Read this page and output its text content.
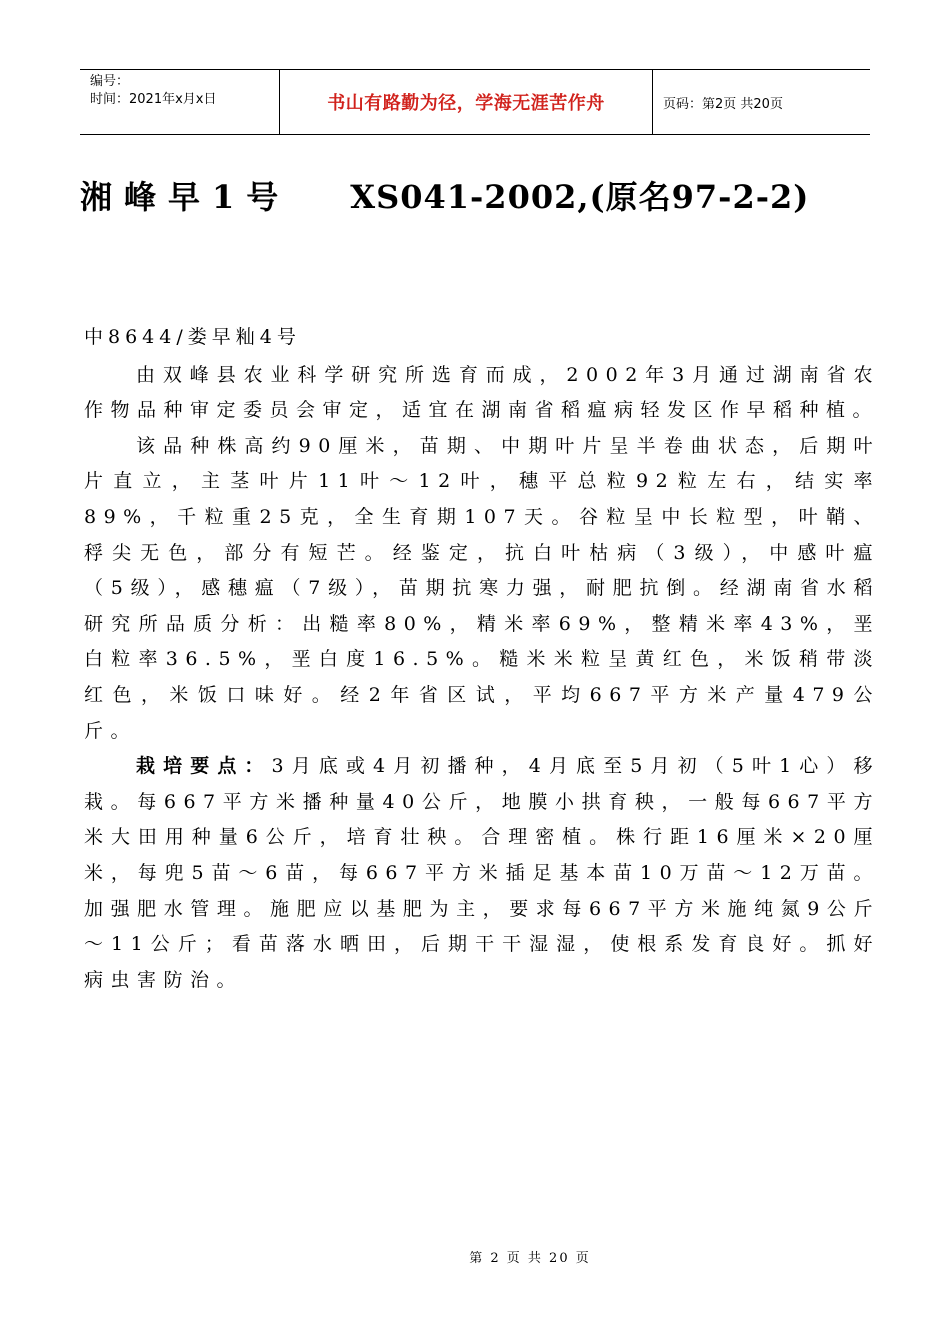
编号：
时间：2021年x月x日	书山有路勤为径，学海无涯苦作舟	页码：第2页 共20页
湘峰早1号 XS041-2002,(原名97-2-2)

中8644/娄早籼4号

由双峰县农业科学研究所选育而成，2002年3月通过湖南省农作物品种审定委员会审定，适宜在湖南省稻瘟病轻发区作早稻种植。

该品种株高约90厘米，苗期、中期叶片呈半卷曲状态，后期叶片直立，主茎叶片11叶～12叶，穗平总粒92粒左右，结实率89%，千粒重25克，全生育期107天。谷粒呈中长粒型，叶鞘、稃尖无色，部分有短芒。经鉴定，抗白叶枯病（3级），中感叶瘟（5级），感穗瘟（7级），苗期抗寒力强，耐肥抗倒。经湖南省水稻研究所品质分析：出糙率80%，精米率69%，整精米率43%，垩白粒率36.5%，垩白度16.5%。糙米米粒呈黄红色，米饭稍带淡红色，米饭口味好。经2年省区试，平均667平方米产量479公斤。

栽培要点：3月底或4月初播种，4月底至5月初（5叶1心）移栽。每667平方米播种量40公斤，地膜小拱育秧，一般每667平方米大田用种量6公斤，培育壮秧。合理密植。株行距16厘米×20厘米，每兜5苗～6苗，每667平方米插足基本苗10万苗～12万苗。加强肥水管理。施肥应以基肥为主，要求每667平方米施纯氮9公斤～11公斤；看苗落水晒田，后期干干湿湿，使根系发育良好。抓好病虫害防治。

第 2 页 共 20 页
